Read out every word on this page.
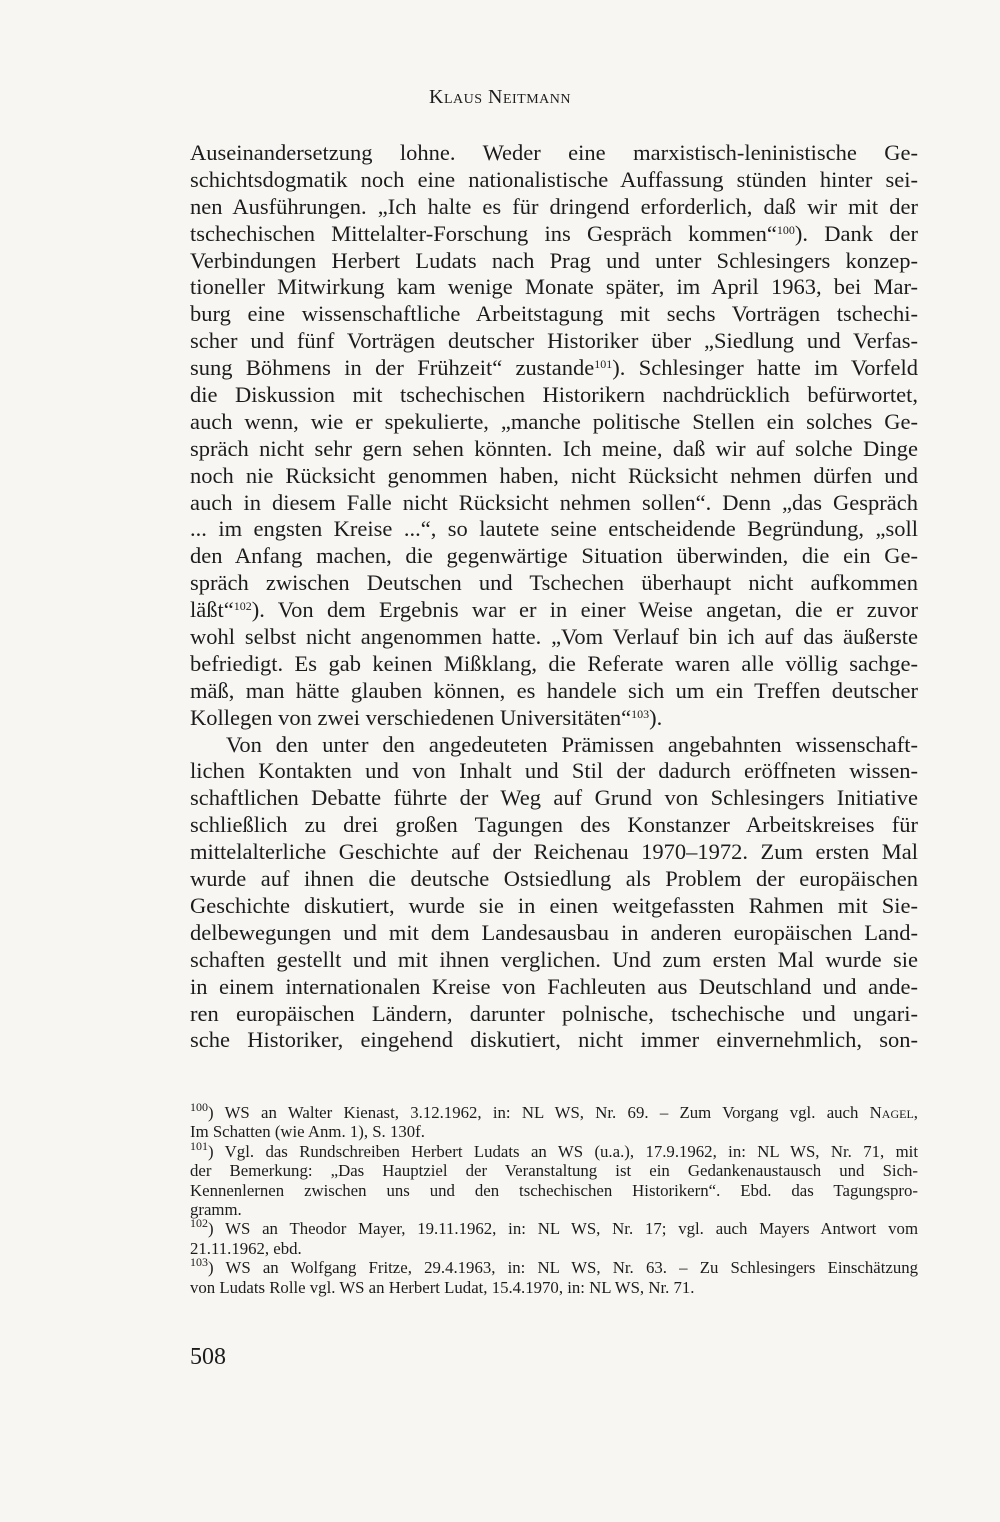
Klaus Neitmann
Auseinandersetzung lohne. Weder eine marxistisch-leninistische Ge-
schichtsdogmatik noch eine nationalistische Auffassung stünden hinter sei-
nen Ausführungen. „Ich halte es für dringend erforderlich, daß wir mit der
tschechischen Mittelalter-Forschung ins Gespräch kommen“$^{100}$). Dank der
Verbindungen Herbert Ludats nach Prag und unter Schlesingers konzep-
tioneller Mitwirkung kam wenige Monate später, im April 1963, bei Mar-
burg eine wissenschaftliche Arbeitstagung mit sechs Vorträgen tschechi-
scher und fünf Vorträgen deutscher Historiker über „Siedlung und Verfas-
sung Böhmens in der Frühzeit“ zustande$^{101}$). Schlesinger hatte im Vorfeld
die Diskussion mit tschechischen Historikern nachdrücklich befürwortet,
auch wenn, wie er spekulierte, „manche politische Stellen ein solches Ge-
spräch nicht sehr gern sehen könnten. Ich meine, daß wir auf solche Dinge
noch nie Rücksicht genommen haben, nicht Rücksicht nehmen dürfen und
auch in diesem Falle nicht Rücksicht nehmen sollen“. Denn „das Gespräch
... im engsten Kreise ...“, so lautete seine entscheidende Begründung, „soll
den Anfang machen, die gegenwärtige Situation überwinden, die ein Ge-
spräch zwischen Deutschen und Tschechen überhaupt nicht aufkommen
läßt“$^{102}$). Von dem Ergebnis war er in einer Weise angetan, die er zuvor
wohl selbst nicht angenommen hatte. „Vom Verlauf bin ich auf das äußerste
befriedigt. Es gab keinen Mißklang, die Referate waren alle völlig sachge-
mäß, man hätte glauben können, es handele sich um ein Treffen deutscher
Kollegen von zwei verschiedenen Universitäten“$^{103}$).
Von den unter den angedeuteten Prämissen angebahnten wissenschaft-
lichen Kontakten und von Inhalt und Stil der dadurch eröffneten wissen-
schaftlichen Debatte führte der Weg auf Grund von Schlesingers Initiative
schließlich zu drei großen Tagungen des Konstanzer Arbeitskreises für
mittelalterliche Geschichte auf der Reichenau 1970–1972. Zum ersten Mal
wurde auf ihnen die deutsche Ostsiedlung als Problem der europäischen
Geschichte diskutiert, wurde sie in einen weitgefassten Rahmen mit Sie-
delbewegungen und mit dem Landesausbau in anderen europäischen Land-
schaften gestellt und mit ihnen verglichen. Und zum ersten Mal wurde sie
in einem internationalen Kreise von Fachleuten aus Deutschland und ande-
ren europäischen Ländern, darunter polnische, tschechische und ungari-
sche Historiker, eingehend diskutiert, nicht immer einvernehmlich, son-
$^{100}$) WS an Walter Kienast, 3.12.1962, in: NL WS, Nr. 69. – Zum Vorgang vgl. auch Nagel,
Im Schatten (wie Anm. 1), S. 130f.
$^{101}$) Vgl. das Rundschreiben Herbert Ludats an WS (u.a.), 17.9.1962, in: NL WS, Nr. 71, mit
der Bemerkung: „Das Hauptziel der Veranstaltung ist ein Gedankenaustausch und Sich-
Kennenlernen zwischen uns und den tschechischen Historikern“. Ebd. das Tagungspro-
gramm.
$^{102}$) WS an Theodor Mayer, 19.11.1962, in: NL WS, Nr. 17; vgl. auch Mayers Antwort vom
21.11.1962, ebd.
$^{103}$) WS an Wolfgang Fritze, 29.4.1963, in: NL WS, Nr. 63. – Zu Schlesingers Einschätzung
von Ludats Rolle vgl. WS an Herbert Ludat, 15.4.1970, in: NL WS, Nr. 71.
508
